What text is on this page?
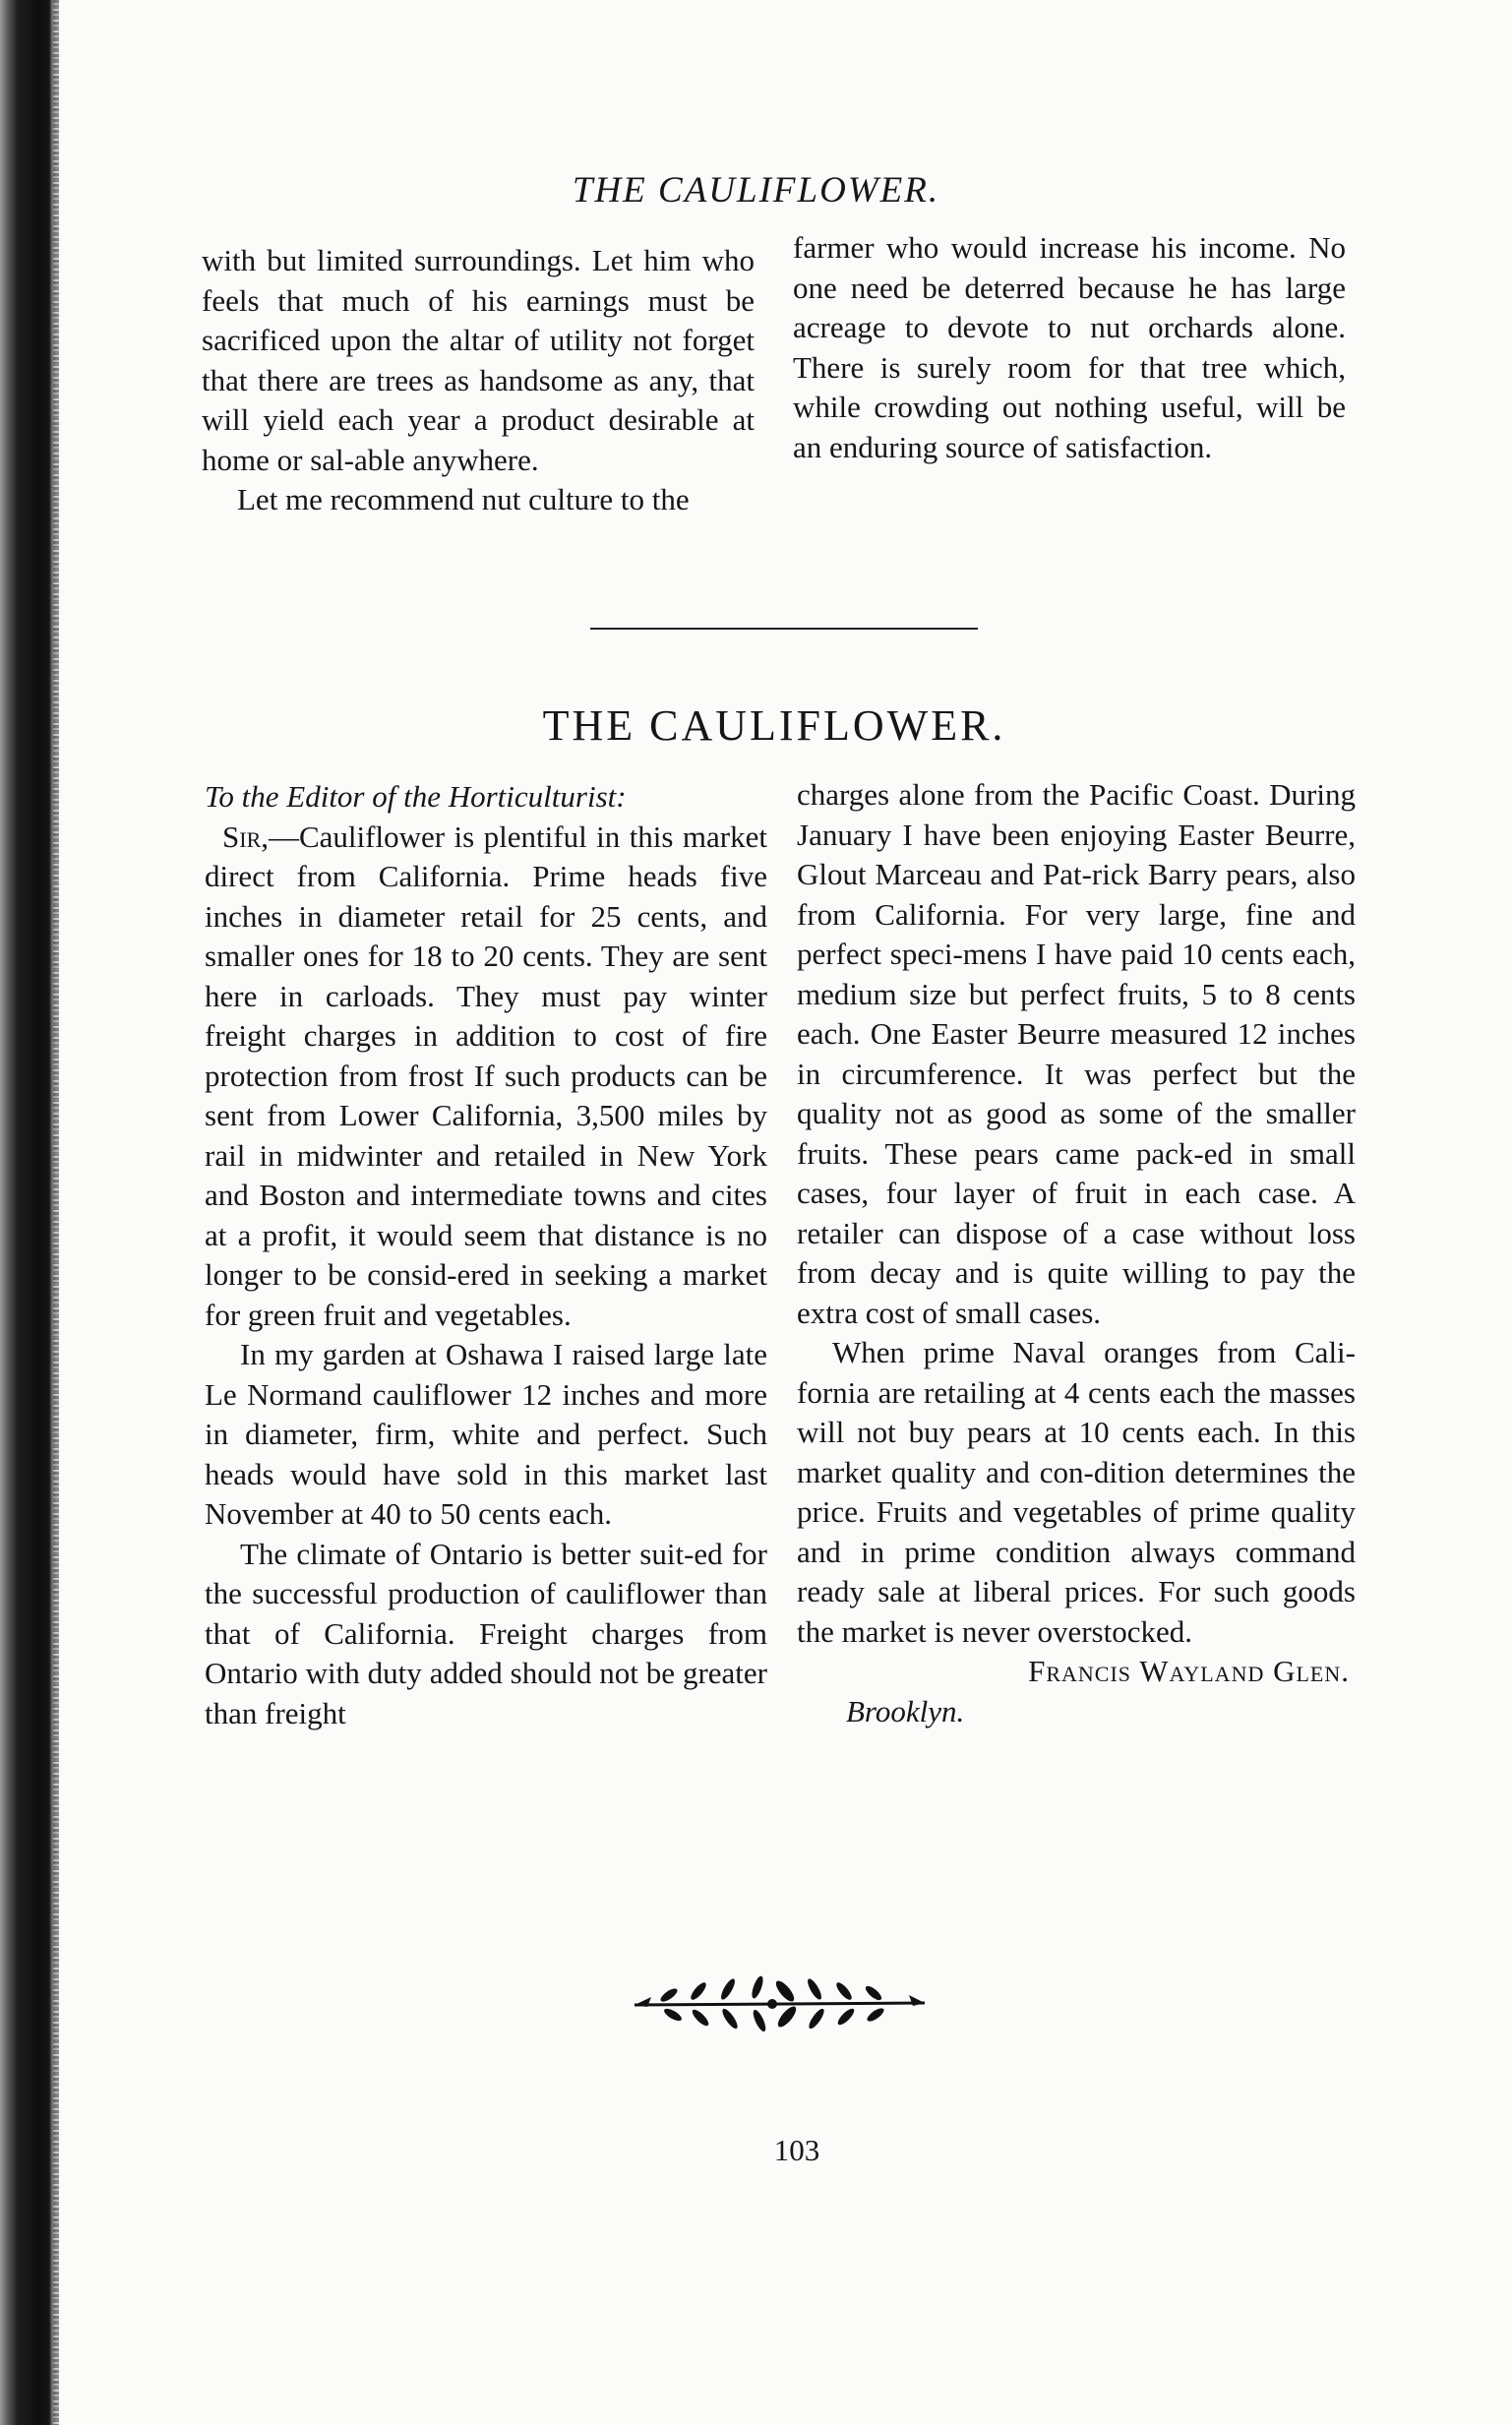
THE CAULIFLOWER.

with but limited surroundings. Let him who feels that much of his earnings must be sacrificed upon the altar of utility not forget that there are trees as handsome as any, that will yield each year a product desirable at home or sal-able anywhere.

Let me recommend nut culture to the

farmer who would increase his income. No one need be deterred because he has large acreage to devote to nut orchards alone. There is surely room for that tree which, while crowding out nothing useful, will be an enduring source of satisfaction.

THE CAULIFLOWER.

To the Editor of the Horticulturist:

Sir,—Cauliflower is plentiful in this market direct from California. Prime heads five inches in diameter retail for 25 cents, and smaller ones for 18 to 20 cents. They are sent here in carloads. They must pay winter freight charges in addition to cost of fire protection from frost If such products can be sent from Lower California, 3,500 miles by rail in midwinter and retailed in New York and Boston and intermediate towns and cites at a profit, it would seem that distance is no longer to be consid-ered in seeking a market for green fruit and vegetables.

In my garden at Oshawa I raised large late Le Normand cauliflower 12 inches and more in diameter, firm, white and perfect. Such heads would have sold in this market last November at 40 to 50 cents each.

The climate of Ontario is better suit-ed for the successful production of cauliflower than that of California. Freight charges from Ontario with duty added should not be greater than freight

charges alone from the Pacific Coast. During January I have been enjoying Easter Beurre, Glout Marceau and Pat-rick Barry pears, also from California. For very large, fine and perfect speci-mens I have paid 10 cents each, medium size but perfect fruits, 5 to 8 cents each. One Easter Beurre measured 12 inches in circumference. It was perfect but the quality not as good as some of the smaller fruits. These pears came pack-ed in small cases, four layer of fruit in each case. A retailer can dispose of a case without loss from decay and is quite willing to pay the extra cost of small cases.

When prime Naval oranges from Cali-fornia are retailing at 4 cents each the masses will not buy pears at 10 cents each. In this market quality and con-dition determines the price. Fruits and vegetables of prime quality and in prime condition always command ready sale at liberal prices. For such goods the market is never overstocked.

Francis Wayland Glen.

Brooklyn.

103
